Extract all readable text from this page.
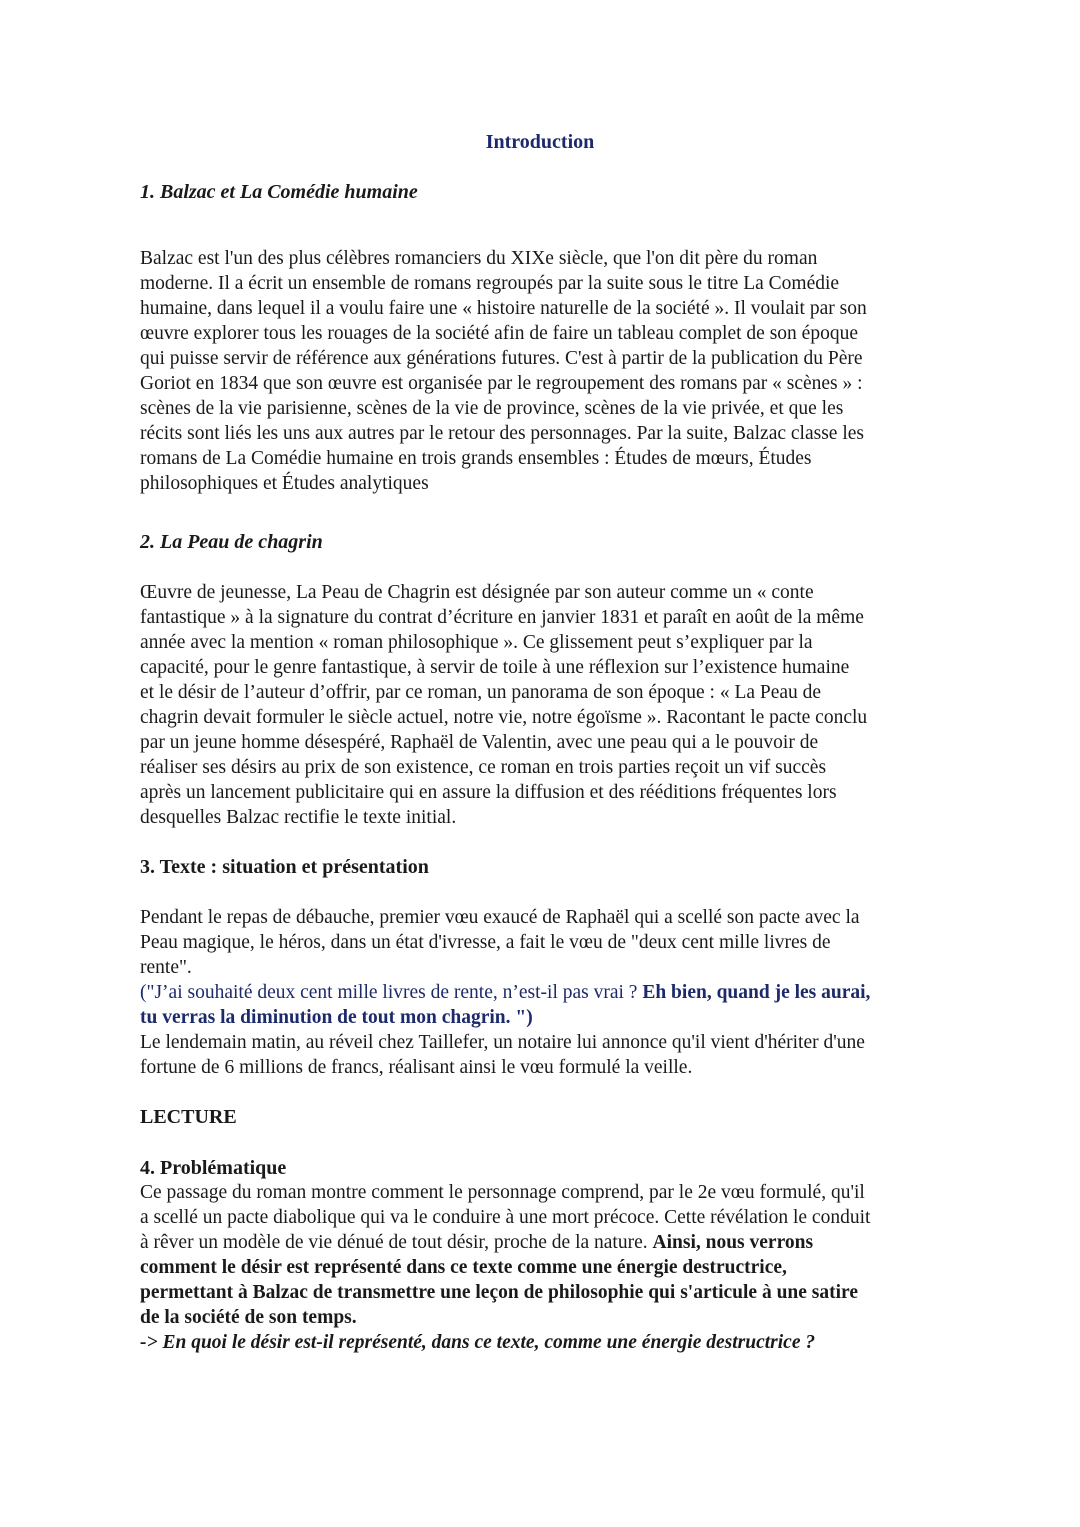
Introduction

1. Balzac et La Comédie humaine

Balzac est l'un des plus célèbres romanciers du XIXe siècle, que l'on dit père du roman
moderne. Il a écrit un ensemble de romans regroupés par la suite sous le titre La Comédie
humaine, dans lequel il a voulu faire une « histoire naturelle de la société ». Il voulait par son
œuvre explorer tous les rouages de la société afin de faire un tableau complet de son époque
qui puisse servir de référence aux générations futures. C'est à partir de la publication du Père
Goriot en 1834 que son œuvre est organisée par le regroupement des romans par « scènes » :
scènes de la vie parisienne, scènes de la vie de province, scènes de la vie privée, et que les
récits sont liés les uns aux autres par le retour des personnages. Par la suite, Balzac classe les
romans de La Comédie humaine en trois grands ensembles : Études de mœurs, Études
philosophiques et Études analytiques

2. La Peau de chagrin

Œuvre de jeunesse, La Peau de Chagrin est désignée par son auteur comme un « conte
fantastique » à la signature du contrat d’écriture en janvier 1831 et paraît en août de la même
année avec la mention « roman philosophique ». Ce glissement peut s’expliquer par la
capacité, pour le genre fantastique, à servir de toile à une réflexion sur l’existence humaine
et le désir de l’auteur d’offrir, par ce roman, un panorama de son époque : « La Peau de
chagrin devait formuler le siècle actuel, notre vie, notre égoïsme ». Racontant le pacte conclu
par un jeune homme désespéré, Raphaël de Valentin, avec une peau qui a le pouvoir de
réaliser ses désirs au prix de son existence, ce roman en trois parties reçoit un vif succès
après un lancement publicitaire qui en assure la diffusion et des rééditions fréquentes lors
desquelles Balzac rectifie le texte initial.

3. Texte : situation et présentation

Pendant le repas de débauche, premier vœu exaucé de Raphaël qui a scellé son pacte avec la
Peau magique, le héros, dans un état d'ivresse, a fait le vœu de "deux cent mille livres de
rente".
("J’ai souhaité deux cent mille livres de rente, n’est-il pas vrai ? Eh bien, quand je les aurai,
tu verras la diminution de tout mon chagrin. ")
Le lendemain matin, au réveil chez Taillefer, un notaire lui annonce qu'il vient d'hériter d'une
fortune de 6 millions de francs, réalisant ainsi le vœu formulé la veille.

LECTURE

4. Problématique

Ce passage du roman montre comment le personnage comprend, par le 2e vœu formulé, qu'il
a scellé un pacte diabolique qui va le conduire à une mort précoce. Cette révélation le conduit
à rêver un modèle de vie dénué de tout désir, proche de la nature. Ainsi, nous verrons
comment le désir est représenté dans ce texte comme une énergie destructrice,
permettant à Balzac de transmettre une leçon de philosophie qui s'articule à une satire
de la société de son temps.
-> En quoi le désir est-il représenté, dans ce texte, comme une énergie destructrice ?
